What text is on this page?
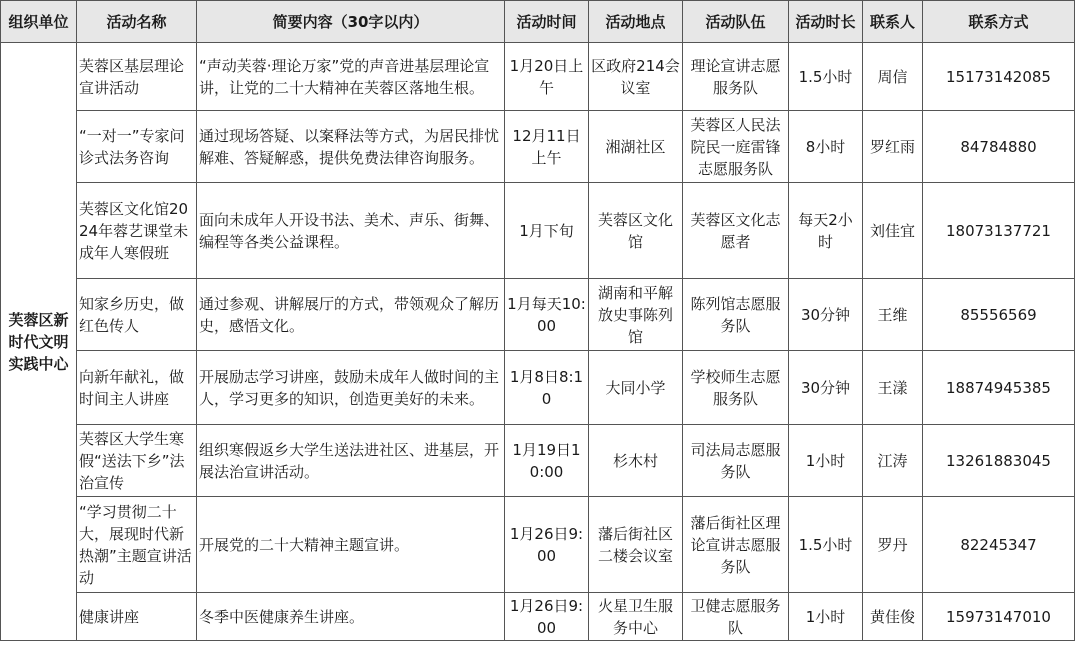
组织单位	活动名称	简要内容（30字以内）	活动时间	活动地点	活动队伍	活动时长	联系人	联系方式
芙蓉区新时代文明实践中心	芙蓉区基层理论宣讲活动	“声动芙蓉·理论万家”党的声音进基层理论宣讲，让党的二十大精神在芙蓉区落地生根。	1月20日上午	区政府214会议室	理论宣讲志愿服务队	1.5小时	周信	15173142085
	“一对一”专家问诊式法务咨询	通过现场答疑、以案释法等方式，为居民排忧解难、答疑解惑，提供免费法律咨询服务。	12月11日上午	湘湖社区	芙蓉区人民法院民一庭雷锋志愿服务队	8小时	罗红雨	84784880
	芙蓉区文化馆2024年蓉艺课堂未成年人寒假班	面向未成年人开设书法、美术、声乐、街舞、编程等各类公益课程。	1月下旬	芙蓉区文化馆	芙蓉区文化志愿者	每天2小时	刘佳宜	18073137721
	知家乡历史，做红色传人	通过参观、讲解展厅的方式，带领观众了解历史，感悟文化。	1月每天10:00	湖南和平解放史事陈列馆	陈列馆志愿服务队	30分钟	王维	85556569
	向新年献礼，做时间主人讲座	开展励志学习讲座，鼓励未成年人做时间的主人，学习更多的知识，创造更美好的未来。	1月8日8:10	大同小学	学校师生志愿服务队	30分钟	王漾	18874945385
	芙蓉区大学生寒假“送法下乡”法治宣传	组织寒假返乡大学生送法进社区、进基层，开展法治宣讲活动。	1月19日10:00	杉木村	司法局志愿服务队	1小时	江涛	13261883045
	“学习贯彻二十大，展现时代新热潮”主题宣讲活动	开展党的二十大精神主题宣讲。	1月26日9:00	藩后街社区二楼会议室	藩后街社区理论宣讲志愿服务队	1.5小时	罗丹	82245347
	健康讲座	冬季中医健康养生讲座。	1月26日9:00	火星卫生服务中心	卫健志愿服务队	1小时	黄佳俊	15973147010
